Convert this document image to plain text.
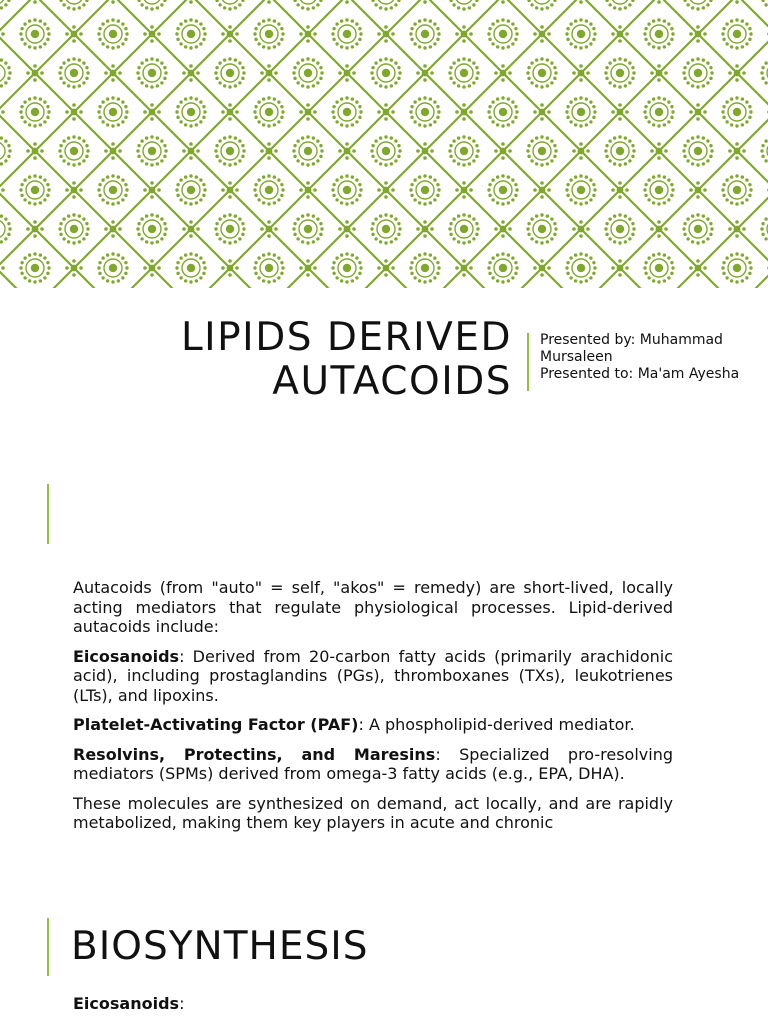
LIPIDS DERIVED
AUTACOIDS
Presented by: Muhammad
Mursaleen
Presented to: Ma'am Ayesha

Autacoids (from "auto" = self, "akos" = remedy) are short-lived, locally acting mediators that regulate physiological processes. Lipid-derived autacoids include:

Eicosanoids: Derived from 20-carbon fatty acids (primarily arachidonic acid), including prostaglandins (PGs), thromboxanes (TXs), leukotrienes (LTs), and lipoxins.
Platelet-Activating Factor (PAF): A phospholipid-derived mediator.
Resolvins, Protectins, and Maresins: Specialized pro-resolving mediators (SPMs) derived from omega-3 fatty acids (e.g., EPA, DHA).

These molecules are synthesized on demand, act locally, and are rapidly metabolized, making them key players in acute and chronic

BIOSYNTHESIS
Eicosanoids:
